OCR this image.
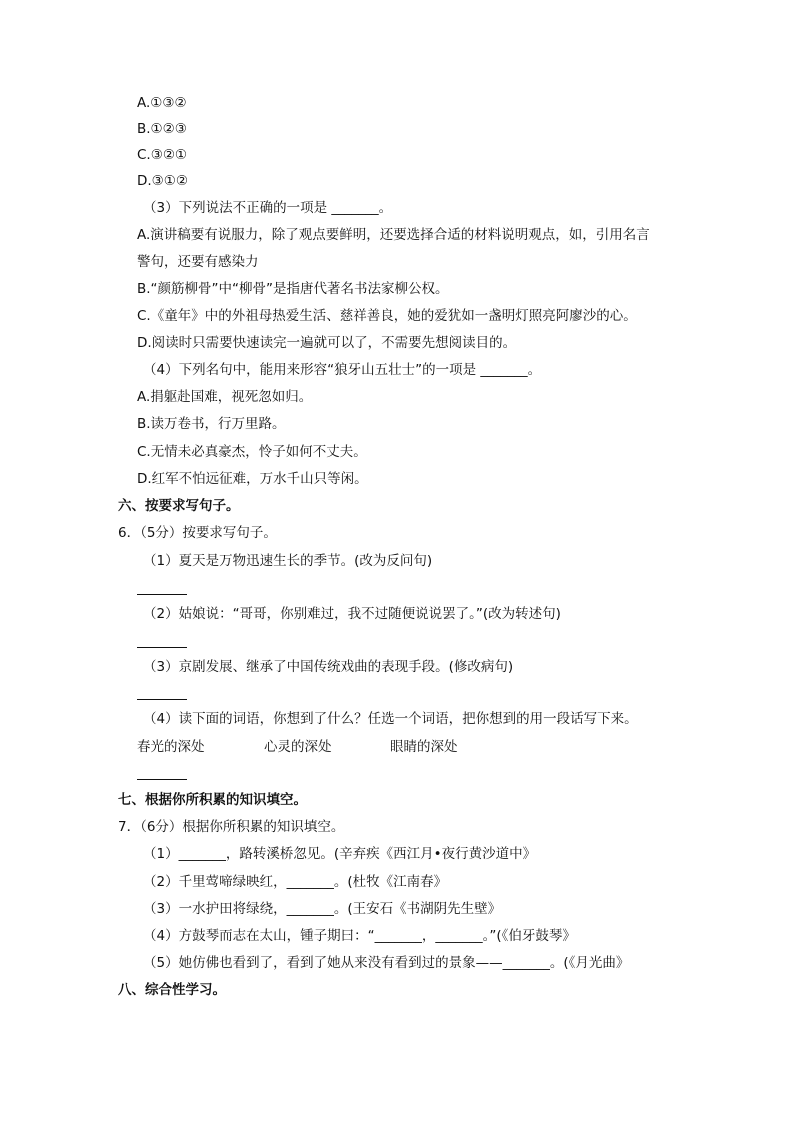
A.①③②
B.①②③
C.③②①
D.③①②
（3）下列说法不正确的一项是 _______。
A.演讲稿要有说服力，除了观点要鲜明，还要选择合适的材料说明观点，如，引用名言
警句，还要有感染力
B.“颜筋柳骨”中“柳骨”是指唐代著名书法家柳公权。
C.《童年》中的外祖母热爱生活、慈祥善良，她的爱犹如一盏明灯照亮阿廖沙的心。
D.阅读时只需要快速读完一遍就可以了，不需要先想阅读目的。
（4）下列名句中，能用来形容“狼牙山五壮士”的一项是 _______。
A.捐躯赴国难，视死忽如归。
B.读万卷书，行万里路。
C.无情未必真豪杰，怜子如何不丈夫。
D.红军不怕远征难，万水千山只等闲。
六、按要求写句子。
6．（5分）按要求写句子。
（1）夏天是万物迅速生长的季节。(改为反问句)
（2）姑娘说：“哥哥，你别难过，我不过随便说说罢了。”(改为转述句)
（3）京剧发展、继承了中国传统戏曲的表现手段。(修改病句)
（4）读下面的词语，你想到了什么？任选一个词语，把你想到的用一段话写下来。
春光的深处	心灵的深处	眼睛的深处
七、根据你所积累的知识填空。
7．（6分）根据你所积累的知识填空。
（1）_______，路转溪桥忽见。(辛弃疾《西江月•夜行黄沙道中》
（2）千里莺啼绿映红，_______。(杜牧《江南春》
（3）一水护田将绿绕，_______。(王安石《书湖阴先生壁》
（4）方鼓琴而志在太山，锺子期曰：“_______，_______。”(《伯牙鼓琴》
（5）她仿佛也看到了，看到了她从来没有看到过的景象——_______。(《月光曲》
八、综合性学习。
